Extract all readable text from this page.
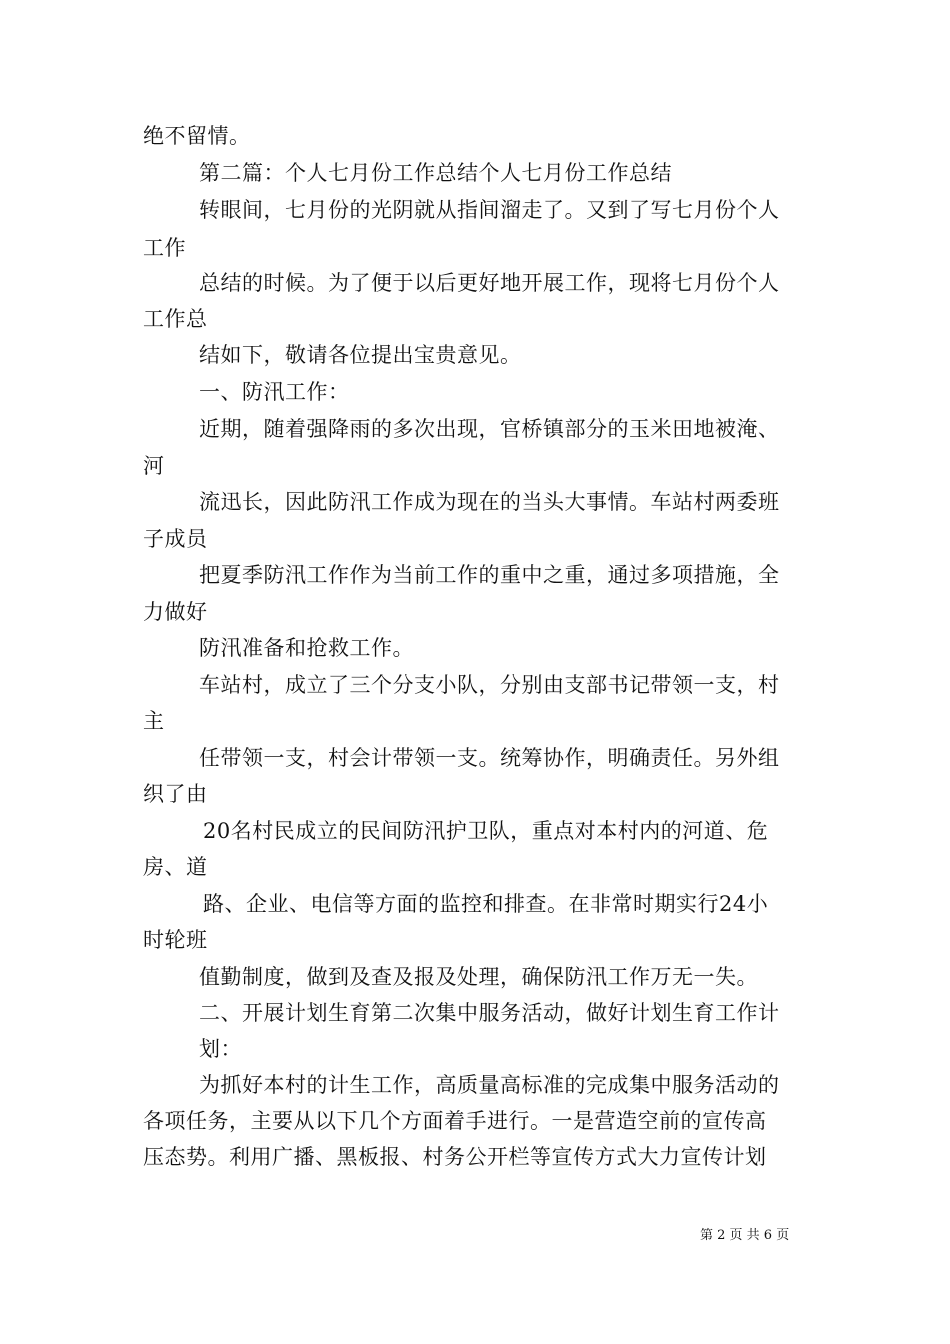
绝不留情。
第二篇：个人七月份工作总结个人七月份工作总结
转眼间，七月份的光阴就从指间溜走了。又到了写七月份个人
工作
总结的时候。为了便于以后更好地开展工作，现将七月份个人
工作总
结如下，敬请各位提出宝贵意见。
一、防汛工作：
近期，随着强降雨的多次出现，官桥镇部分的玉米田地被淹、
河
流迅长，因此防汛工作成为现在的当头大事情。车站村两委班
子成员
把夏季防汛工作作为当前工作的重中之重，通过多项措施，全
力做好
防汛准备和抢救工作。
车站村，成立了三个分支小队，分别由支部书记带领一支，村
主
任带领一支，村会计带领一支。统筹协作，明确责任。另外组
织了由
20名村民成立的民间防汛护卫队，重点对本村内的河道、危
房、道
路、企业、电信等方面的监控和排查。在非常时期实行24小
时轮班
值勤制度，做到及查及报及处理，确保防汛工作万无一失。
二、开展计划生育第二次集中服务活动，做好计划生育工作计
划：
为抓好本村的计生工作，高质量高标准的完成集中服务活动的
各项任务，主要从以下几个方面着手进行。一是营造空前的宣传高
压态势。利用广播、黑板报、村务公开栏等宣传方式大力宣传计划
第 2 页 共 6 页
